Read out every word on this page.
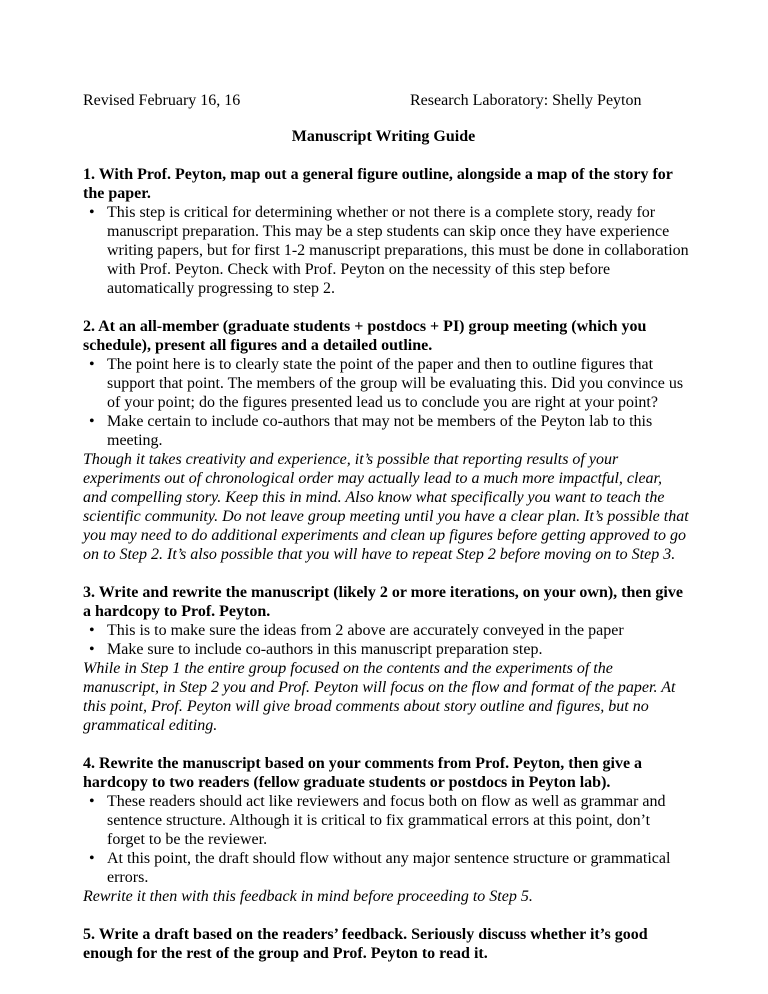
Revised February 16, 16	Research Laboratory: Shelly Peyton
Manuscript Writing Guide
1. With Prof. Peyton, map out a general figure outline, alongside a map of the story for the paper.
• This step is critical for determining whether or not there is a complete story, ready for manuscript preparation. This may be a step students can skip once they have experience writing papers, but for first 1-2 manuscript preparations, this must be done in collaboration with Prof. Peyton. Check with Prof. Peyton on the necessity of this step before automatically progressing to step 2.
2. At an all-member (graduate students + postdocs + PI) group meeting (which you schedule), present all figures and a detailed outline.
• The point here is to clearly state the point of the paper and then to outline figures that support that point. The members of the group will be evaluating this. Did you convince us of your point; do the figures presented lead us to conclude you are right at your point?
• Make certain to include co-authors that may not be members of the Peyton lab to this meeting.
Though it takes creativity and experience, it’s possible that reporting results of your experiments out of chronological order may actually lead to a much more impactful, clear, and compelling story. Keep this in mind. Also know what specifically you want to teach the scientific community. Do not leave group meeting until you have a clear plan. It’s possible that you may need to do additional experiments and clean up figures before getting approved to go on to Step 2. It’s also possible that you will have to repeat Step 2 before moving on to Step 3.
3. Write and rewrite the manuscript (likely 2 or more iterations, on your own), then give a hardcopy to Prof. Peyton.
• This is to make sure the ideas from 2 above are accurately conveyed in the paper
• Make sure to include co-authors in this manuscript preparation step.
While in Step 1 the entire group focused on the contents and the experiments of the manuscript, in Step 2 you and Prof. Peyton will focus on the flow and format of the paper. At this point, Prof. Peyton will give broad comments about story outline and figures, but no grammatical editing.
4. Rewrite the manuscript based on your comments from Prof. Peyton, then give a hardcopy to two readers (fellow graduate students or postdocs in Peyton lab).
• These readers should act like reviewers and focus both on flow as well as grammar and sentence structure. Although it is critical to fix grammatical errors at this point, don’t forget to be the reviewer.
• At this point, the draft should flow without any major sentence structure or grammatical errors.
Rewrite it then with this feedback in mind before proceeding to Step 5.
5. Write a draft based on the readers’ feedback. Seriously discuss whether it’s good enough for the rest of the group and Prof. Peyton to read it.
